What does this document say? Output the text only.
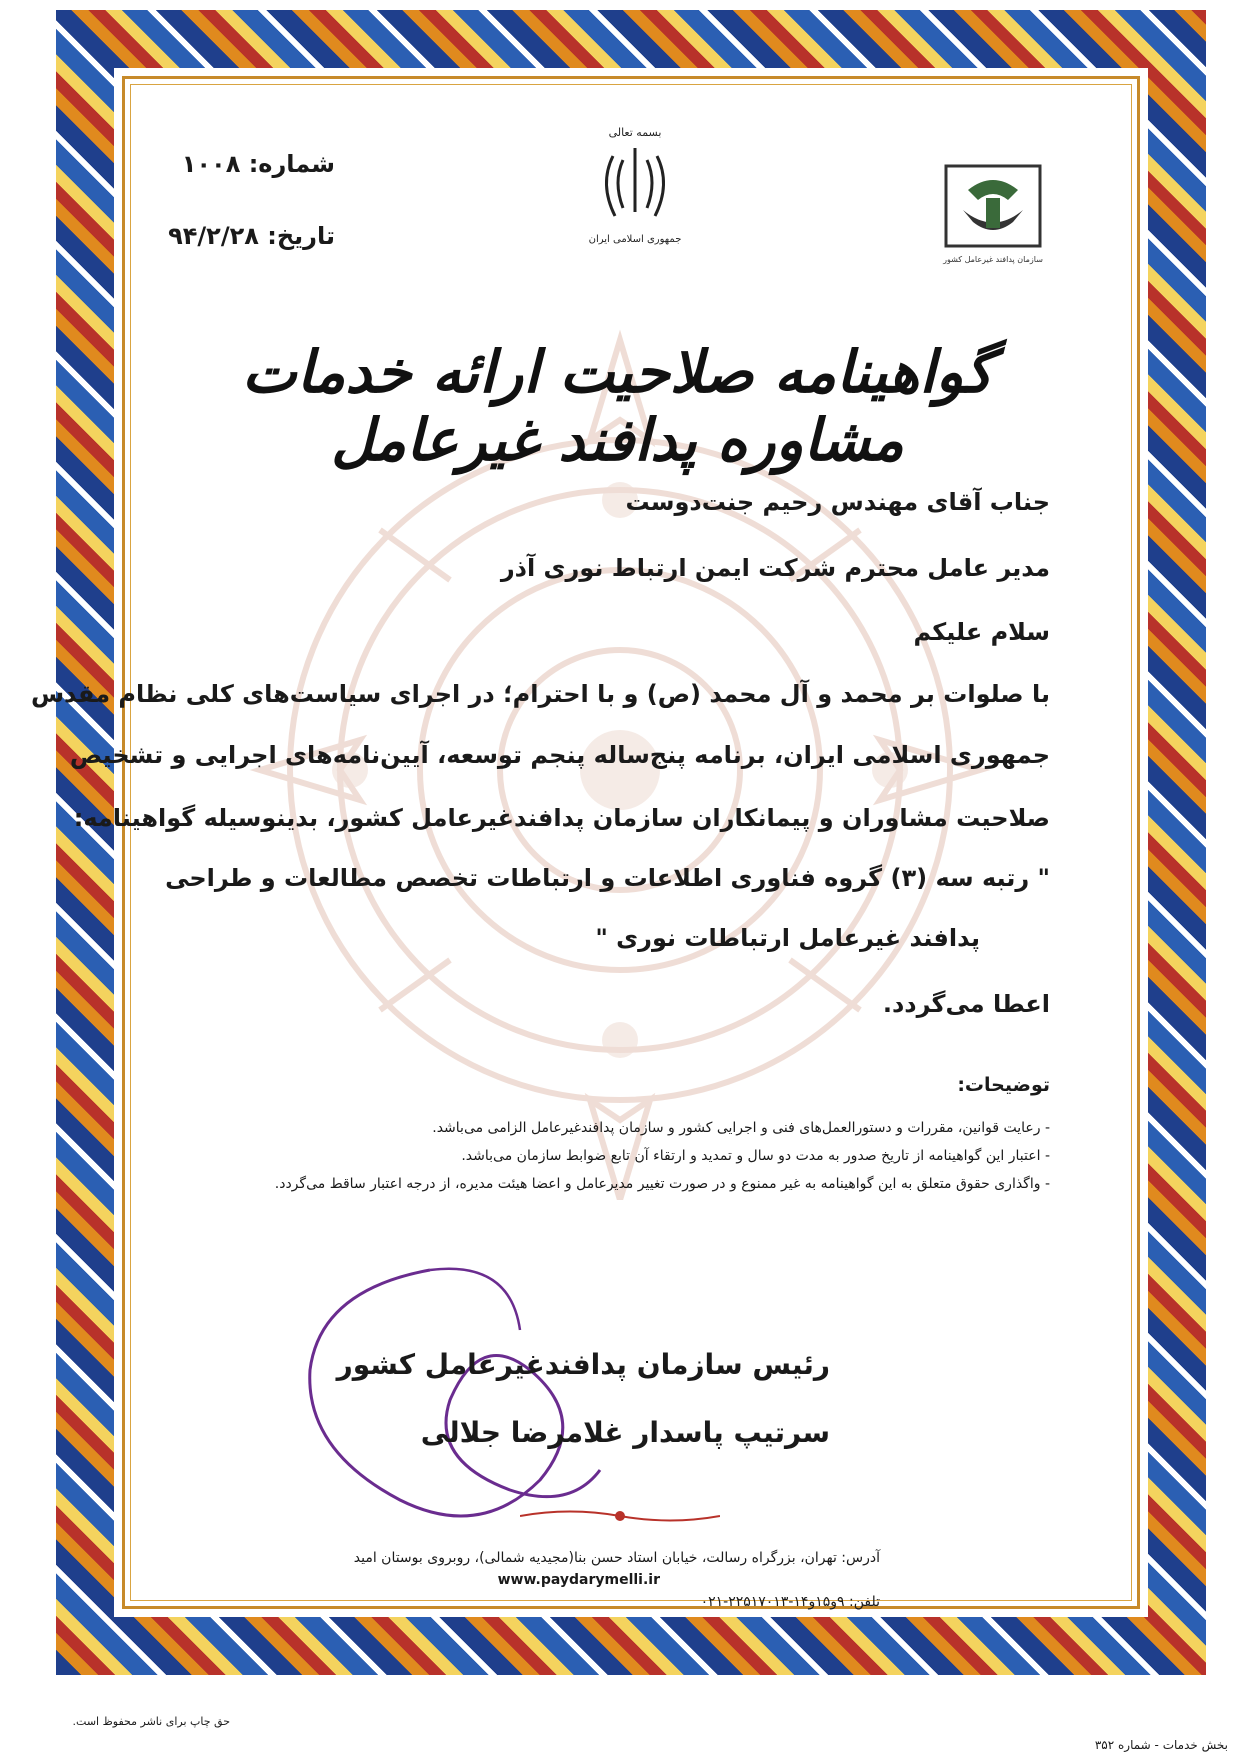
شماره: ۱۰۰۸
تاریخ: ۹۴/۲/۲۸
بسمه تعالی
جمهوری اسلامی ایران
سازمان پدافند غیرعامل کشور
گواهینامه صلاحیت ارائه خدمات مشاوره پدافند غیرعامل
جناب آقای مهندس رحیم جنت‌دوست
مدیر عامل محترم شرکت ایمن ارتباط نوری آذر
سلام علیکم
با صلوات بر محمد و آل محمد (ص) و با احترام؛ در اجرای سیاست‌های کلی نظام مقدس
جمهوری اسلامی ایران، برنامه پنج‌ساله پنجم توسعه، آیین‌نامه‌های اجرایی و تشخیص
صلاحیت مشاوران و پیمانکاران سازمان پدافندغیرعامل کشور، بدینوسیله گواهینامه:
" رتبه سه (۳) گروه فناوری اطلاعات و ارتباطات تخصص مطالعات و طراحی
پدافند غیرعامل ارتباطات نوری "
اعطا می‌گردد.
توضیحات:
- رعایت قوانین، مقررات و دستورالعمل‌های فنی و اجرایی کشور و سازمان پدافندغیرعامل الزامی می‌باشد.
- اعتبار این گواهینامه از تاریخ صدور به مدت دو سال و تمدید و ارتقاء آن تابع ضوابط سازمان می‌باشد.
- واگذاری حقوق متعلق به این گواهینامه به غیر ممنوع و در صورت تغییر مدیرعامل و اعضا هیئت مدیره، از درجه اعتبار ساقط می‌گردد.
رئیس سازمان پدافندغیرعامل کشور
سرتیپ پاسدار غلامرضا جلالی
آدرس: تهران، بزرگراه رسالت، خیابان استاد حسن بنا(مجیدیه شمالی)، روبروی بوستان امید
www.paydarymelli.ir
تلفن: ۹و۱۵و۱۴-۲۲۵۱۷۰۱۳-۰۲۱
حق چاپ برای ناشر محفوظ است.
بخش خدمات - شماره ۳۵۲
